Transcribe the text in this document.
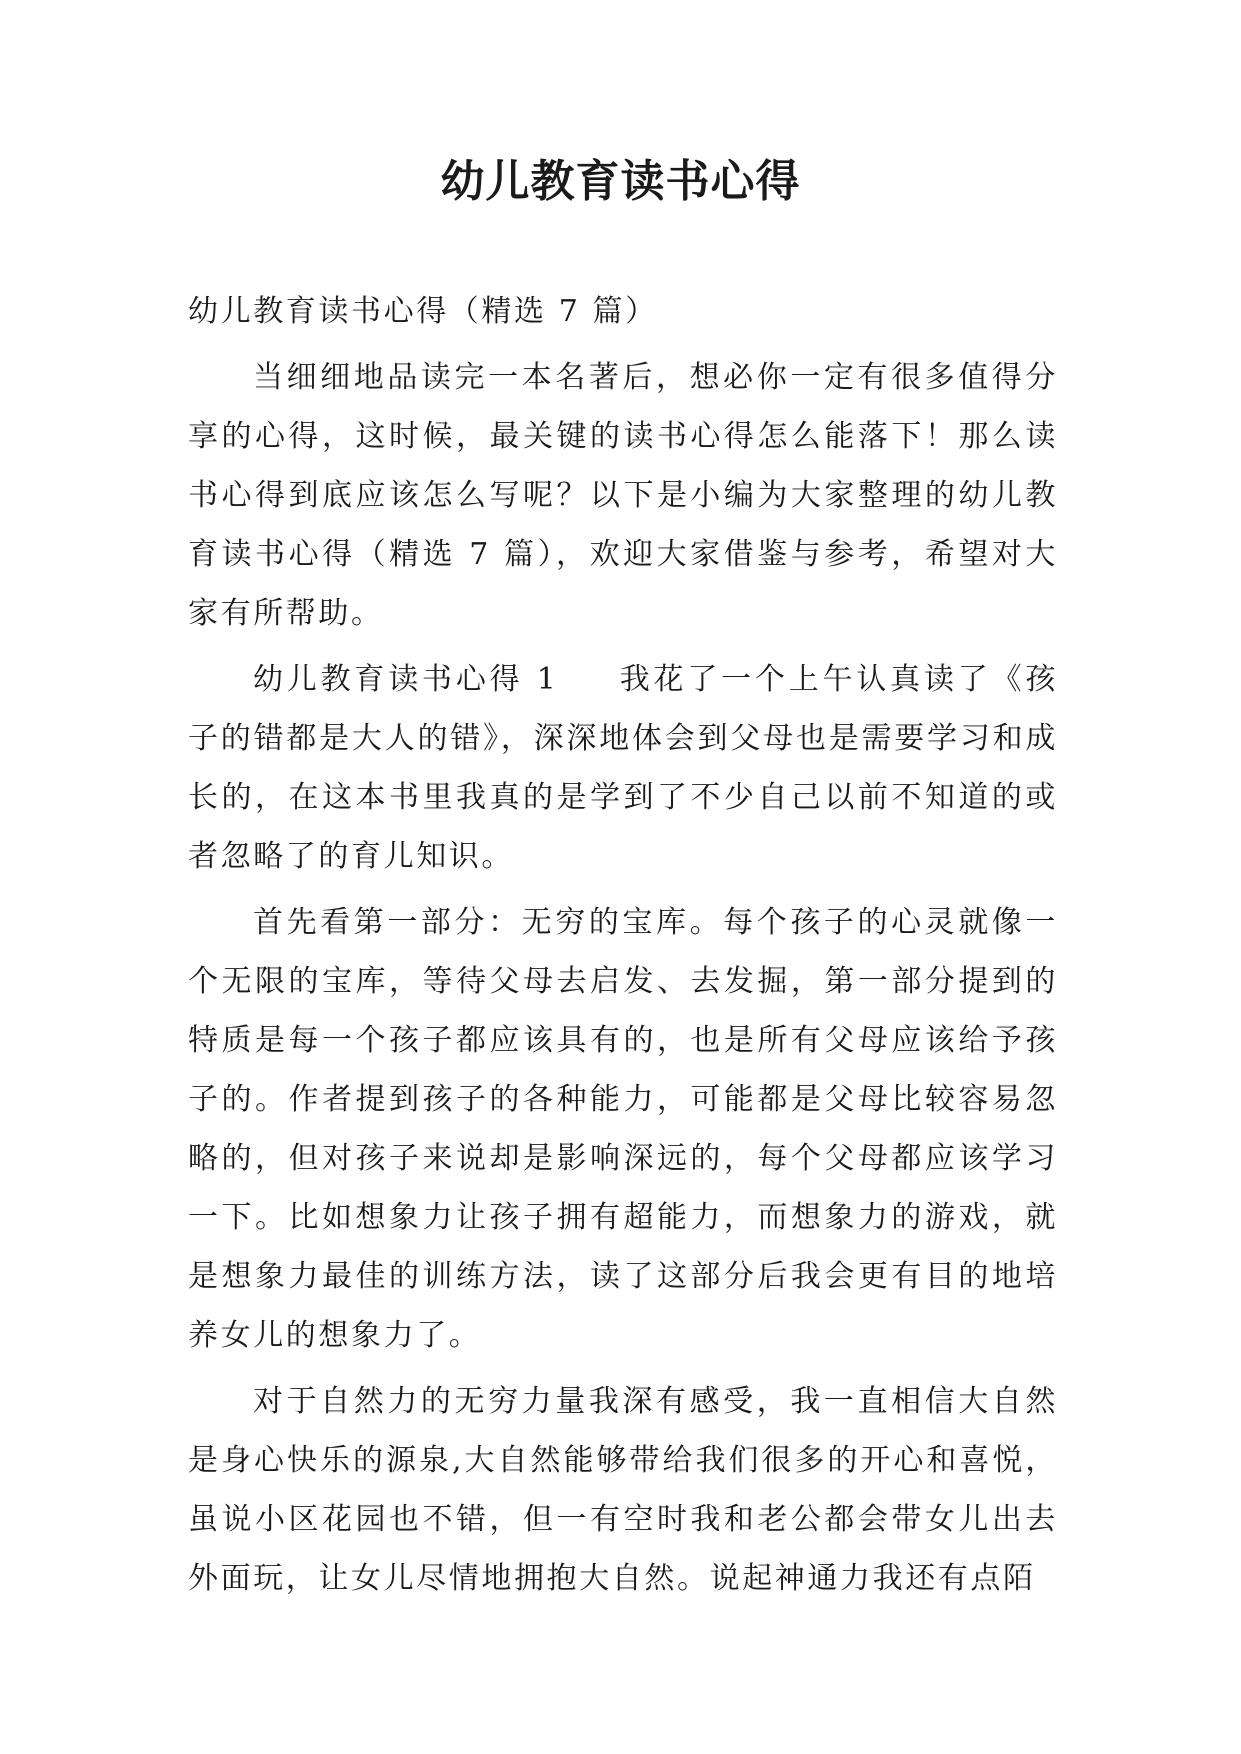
幼儿教育读书心得

幼儿教育读书心得（精选 7 篇）

当细细地品读完一本名著后，想必你一定有很多值得分享的心得，这时候，最关键的读书心得怎么能落下！那么读书心得到底应该怎么写呢？以下是小编为大家整理的幼儿教育读书心得（精选 7 篇），欢迎大家借鉴与参考，希望对大家有所帮助。

幼儿教育读书心得 1 我花了一个上午认真读了《孩子的错都是大人的错》，深深地体会到父母也是需要学习和成长的，在这本书里我真的是学到了不少自己以前不知道的或者忽略了的育儿知识。

首先看第一部分：无穷的宝库。每个孩子的心灵就像一个无限的宝库，等待父母去启发、去发掘，第一部分提到的特质是每一个孩子都应该具有的，也是所有父母应该给予孩子的。作者提到孩子的各种能力，可能都是父母比较容易忽略的，但对孩子来说却是影响深远的，每个父母都应该学习一下。比如想象力让孩子拥有超能力，而想象力的游戏，就是想象力最佳的训练方法，读了这部分后我会更有目的地培养女儿的想象力了。

对于自然力的无穷力量我深有感受，我一直相信大自然是身心快乐的源泉,大自然能够带给我们很多的开心和喜悦，虽说小区花园也不错，但一有空时我和老公都会带女儿出去外面玩，让女儿尽情地拥抱大自然。说起神通力我还有点陌
